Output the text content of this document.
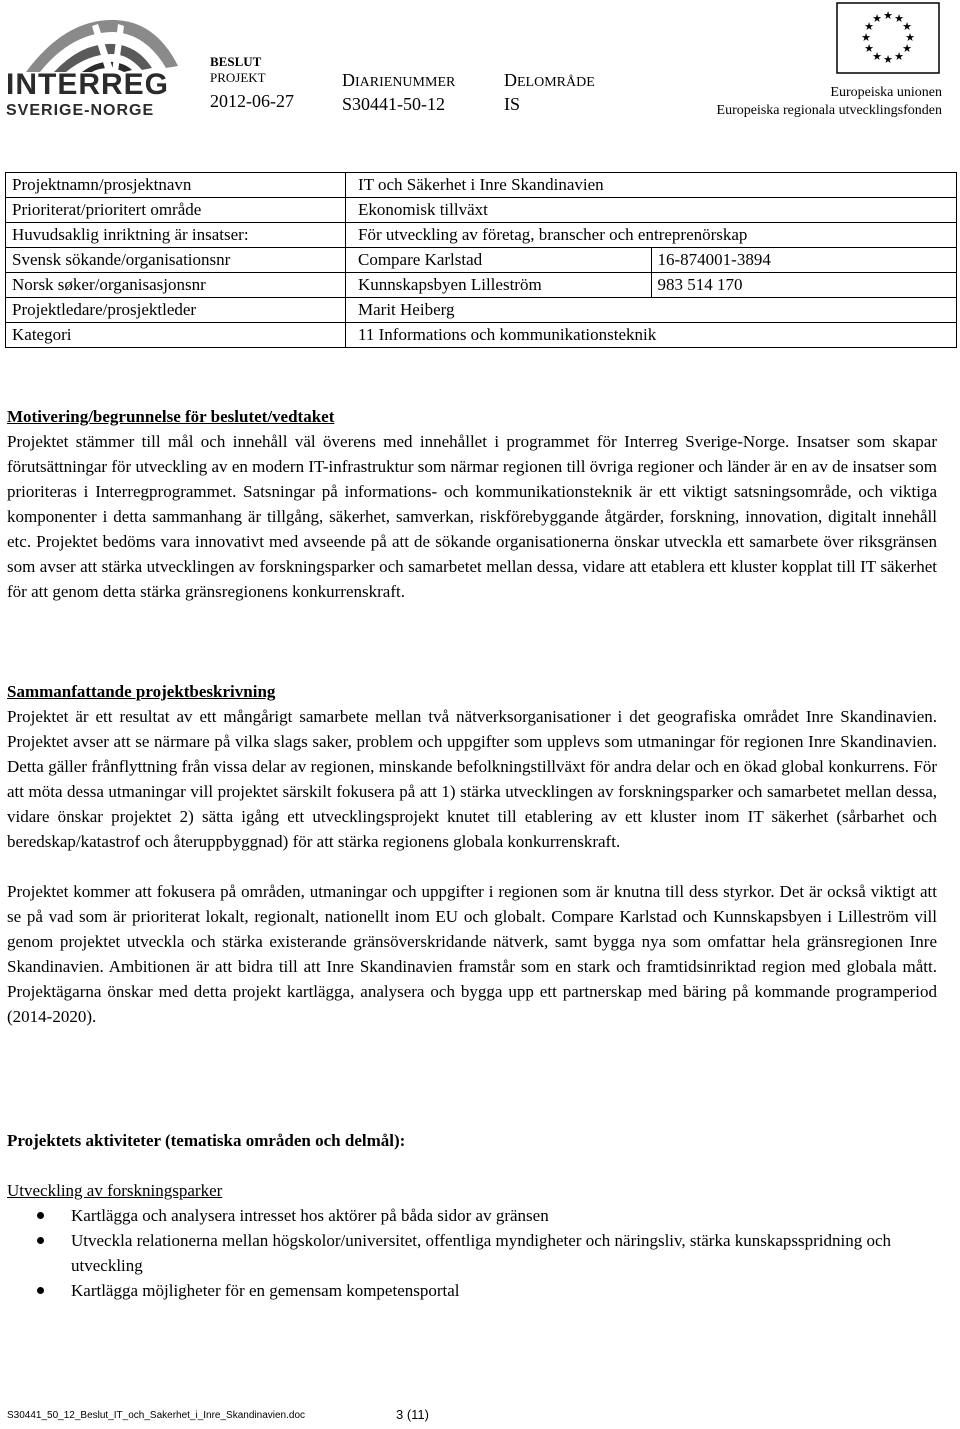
INTERREG
SVERIGE-NORGE
BESLUT
PROJEKT
2012-06-27
DIARIENUMMER
S30441-50-12
DELOMRÅDE
IS
★ ★
★
★
★
★
★
★
★
★
★
★
Europeiska unionen
Europeiska regionala utvecklingsfonden
Projektnamn/prosjektnavn	IT och Säkerhet i Inre Skandinavien	
Prioriterat/prioritert område	Ekonomisk tillväxt	
Huvudsaklig inriktning är insatser:	För utveckling av företag, branscher och entreprenörskap	
Svensk sökande/organisationsnr	Compare Karlstad	16-874001-3894
Norsk søker/organisasjonsnr	Kunnskapsbyen Lilleström	983 514 170
Projektledare/prosjektleder	Marit Heiberg	
Kategori	11 Informations och kommunikationsteknik	
Motivering/begrunnelse för beslutet/vedtaket

Projektet stämmer till mål och innehåll väl överens med innehållet i programmet för Interreg Sverige-Norge. Insatser som skapar förutsättningar för utveckling av en modern IT-infrastruktur som närmar regionen till övriga regioner och länder är en av de insatser som prioriteras i Interregprogrammet. Satsningar på informations- och kommunikationsteknik är ett viktigt satsningsområde, och viktiga komponenter i detta sammanhang är tillgång, säkerhet, samverkan, riskförebyggande åtgärder, forskning, innovation, digitalt innehåll etc. Projektet bedöms vara innovativt med avseende på att de sökande organisationerna önskar utveckla ett samarbete över riksgränsen som avser att stärka utvecklingen av forskningsparker och samarbetet mellan dessa, vidare att etablera ett kluster kopplat till IT säkerhet för att genom detta stärka gränsregionens konkurrenskraft.

Sammanfattande projektbeskrivning

Projektet är ett resultat av ett mångårigt samarbete mellan två nätverksorganisationer i det geografiska området Inre Skandinavien. Projektet avser att se närmare på vilka slags saker, problem och uppgifter som upplevs som utmaningar för regionen Inre Skandinavien. Detta gäller frånflyttning från vissa delar av regionen, minskande befolkningstillväxt för andra delar och en ökad global konkurrens. För att möta dessa utmaningar vill projektet särskilt fokusera på att 1) stärka utvecklingen av forskningsparker och samarbetet mellan dessa, vidare önskar projektet 2) sätta igång ett utvecklingsprojekt knutet till etablering av ett kluster inom IT säkerhet (sårbarhet och beredskap/katastrof och återuppbyggnad) för att stärka regionens globala konkurrenskraft.

Projektet kommer att fokusera på områden, utmaningar och uppgifter i regionen som är knutna till dess styrkor. Det är också viktigt att se på vad som är prioriterat lokalt, regionalt, nationellt inom EU och globalt. Compare Karlstad och Kunnskapsbyen i Lilleström vill genom projektet utveckla och stärka existerande gränsöverskridande nätverk, samt bygga nya som omfattar hela gränsregionen Inre Skandinavien. Ambitionen är att bidra till att Inre Skandinavien framstår som en stark och framtidsinriktad region med globala mått. Projektägarna önskar med detta projekt kartlägga, analysera och bygga upp ett partnerskap med bäring på kommande programperiod (2014-2020).

Projektets aktiviteter (tematiska områden och delmål):
Utveckling av forskningsparker
Kartlägga och analysera intresset hos aktörer på båda sidor av gränsen
Utveckla relationerna mellan högskolor/universitet, offentliga myndigheter och näringsliv, stärka kunskapsspridning och utveckling
Kartlägga möjligheter för en gemensam kompetensportal
S30441_50_12_Beslut_IT_och_Sakerhet_i_Inre_Skandinavien.doc	3 (11)
